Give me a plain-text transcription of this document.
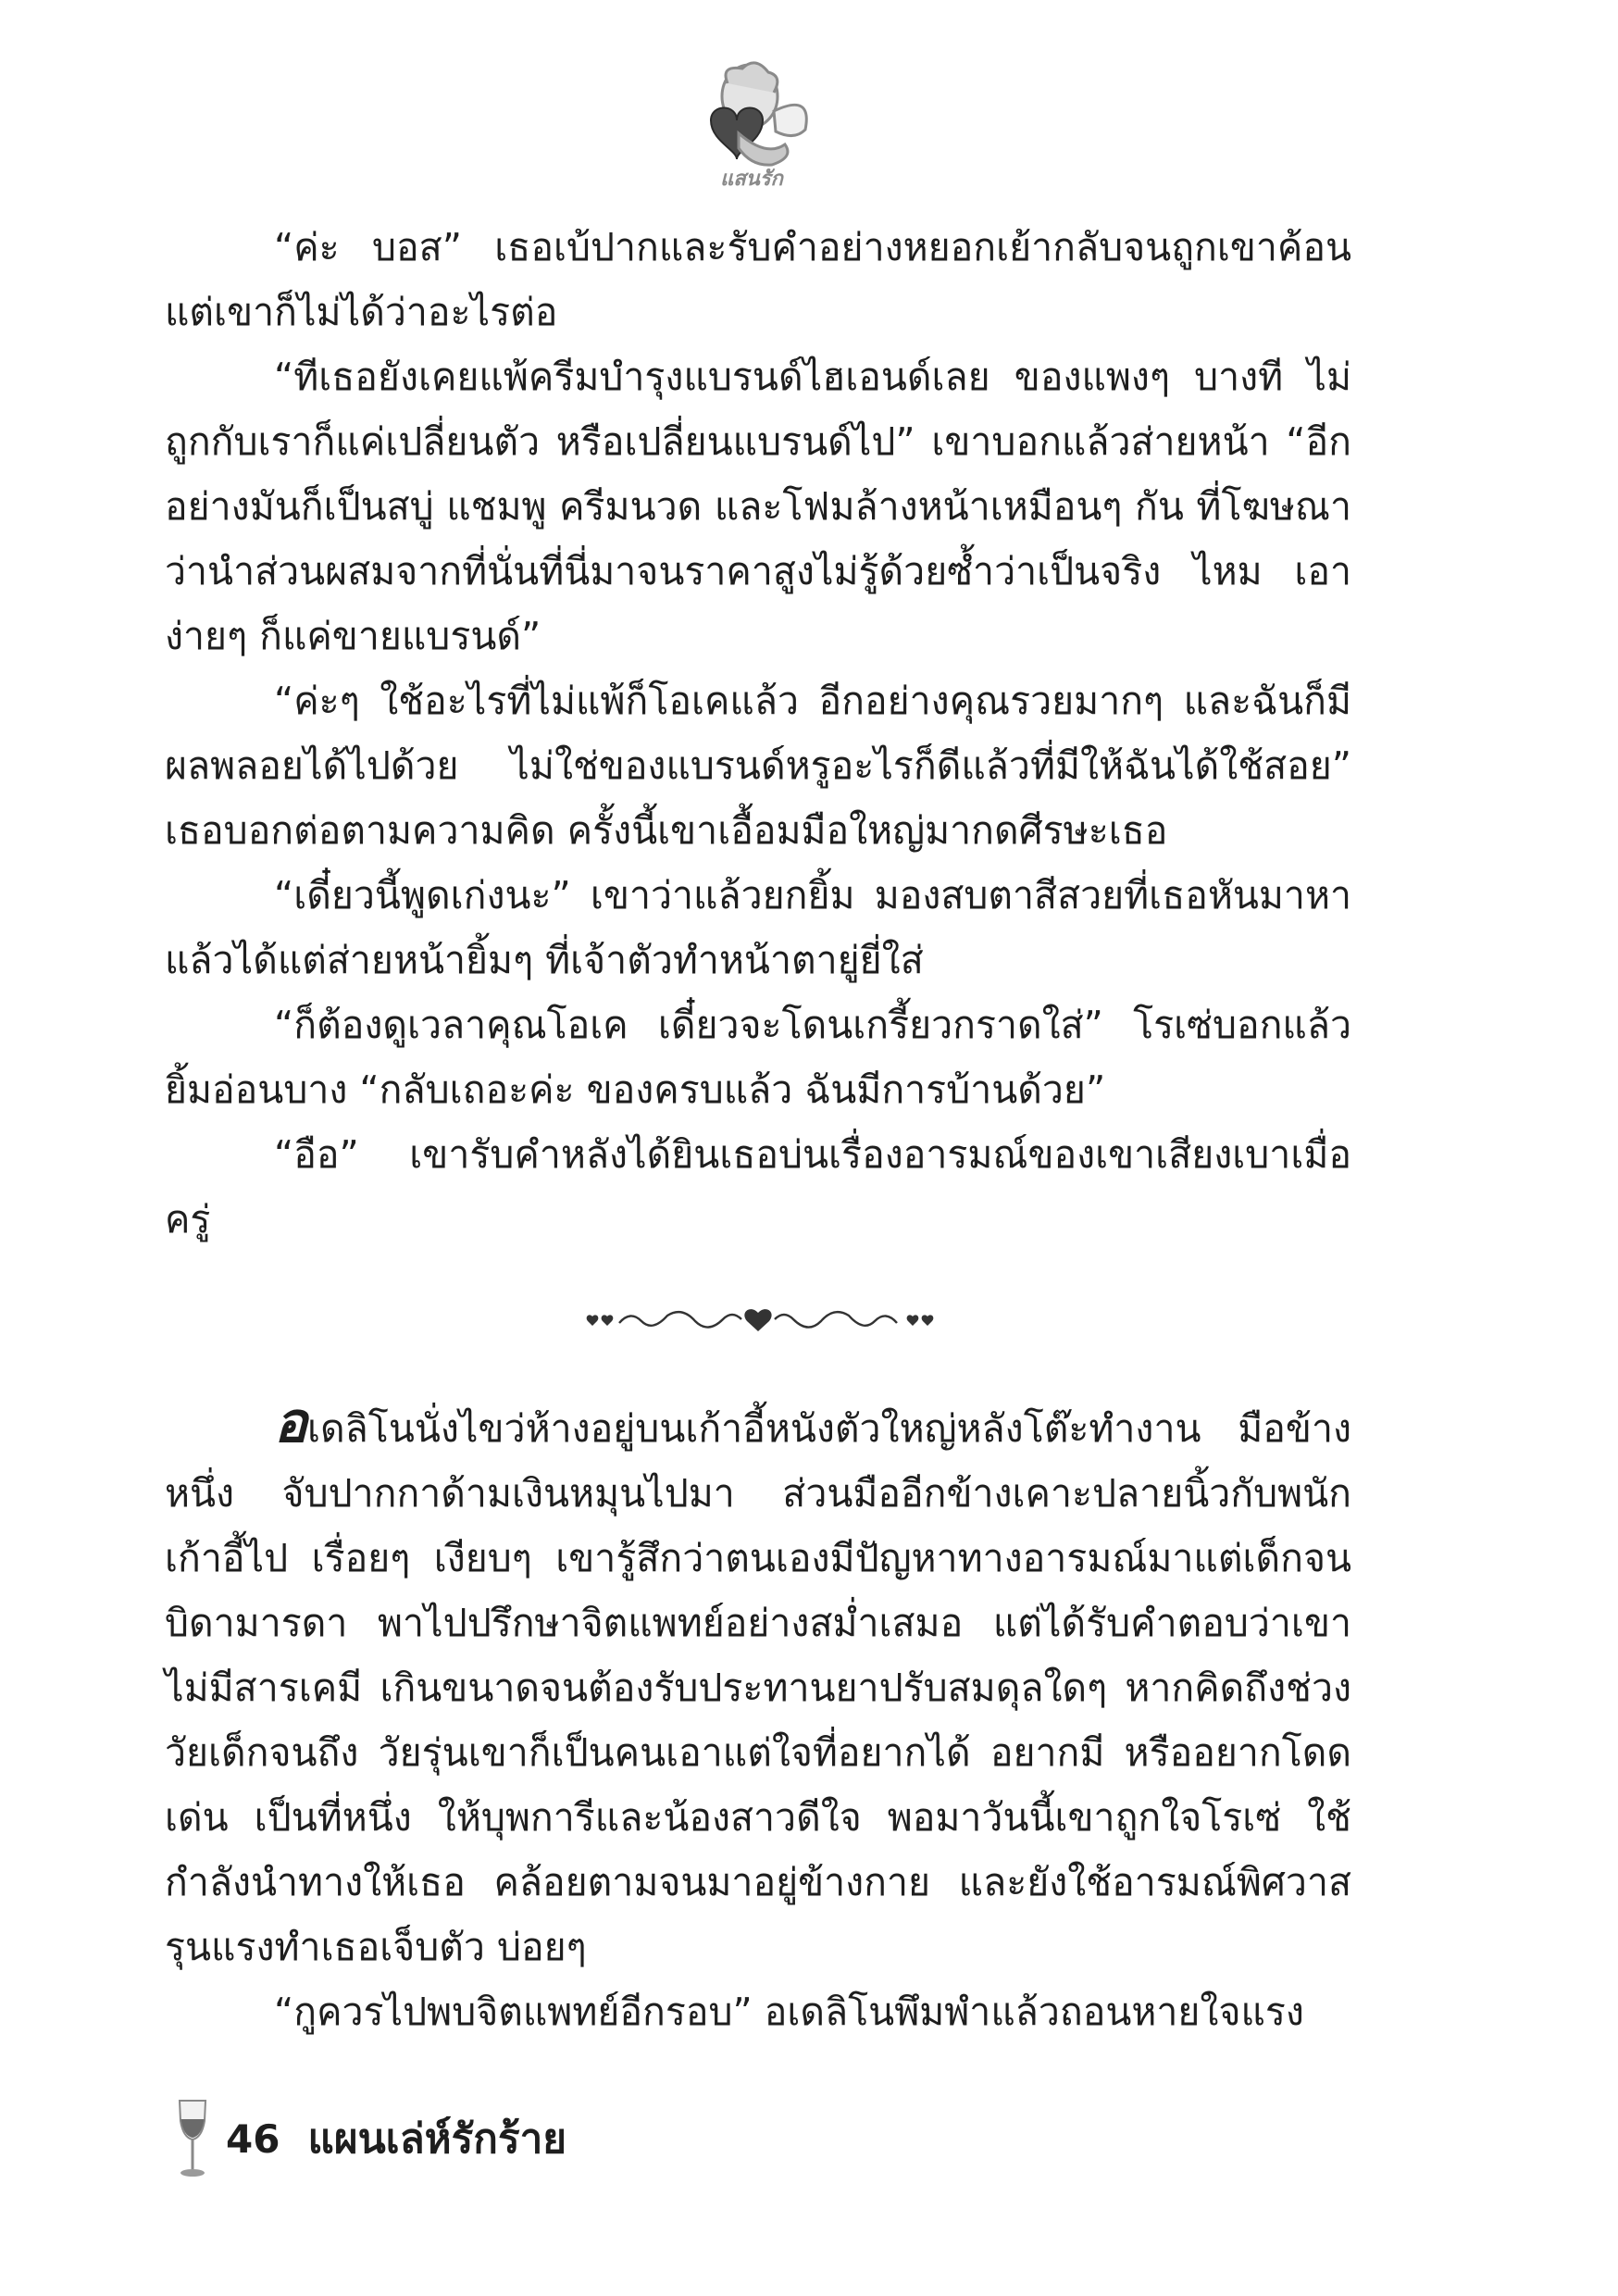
แสนรัก

“ค่ะ บอส” เธอเบ้ปากและรับคำอย่างหยอกเย้ากลับจนถูกเขาค้อน แต่เขาก็ไม่ได้ว่าอะไรต่อ

“ทีเธอยังเคยแพ้ครีมบำรุงแบรนด์ไฮเอนด์เลย ของแพงๆ บางที ไม่ถูกกับเราก็แค่เปลี่ยนตัว หรือเปลี่ยนแบรนด์ไป” เขาบอกแล้วส่ายหน้า “อีกอย่างมันก็เป็นสบู่ แชมพู ครีมนวด และโฟมล้างหน้าเหมือนๆ กัน ที่โฆษณาว่านำส่วนผสมจากที่นั่นที่นี่มาจนราคาสูงไม่รู้ด้วยซ้ำว่าเป็นจริง ไหม เอาง่ายๆ ก็แค่ขายแบรนด์”

“ค่ะๆ ใช้อะไรที่ไม่แพ้ก็โอเคแล้ว อีกอย่างคุณรวยมากๆ และฉันก็มี ผลพลอยได้ไปด้วย ไม่ใช่ของแบรนด์หรูอะไรก็ดีแล้วที่มีให้ฉันได้ใช้สอย” เธอบอกต่อตามความคิด ครั้งนี้เขาเอื้อมมือใหญ่มากดศีรษะเธอ

“เดี๋ยวนี้พูดเก่งนะ” เขาว่าแล้วยกยิ้ม มองสบตาสีสวยที่เธอหันมาหา แล้วได้แต่ส่ายหน้ายิ้มๆ ที่เจ้าตัวทำหน้าตายู่ยี่ใส่

“ก็ต้องดูเวลาคุณโอเค เดี๋ยวจะโดนเกรี้ยวกราดใส่” โรเซ่บอกแล้ว ยิ้มอ่อนบาง “กลับเถอะค่ะ ของครบแล้ว ฉันมีการบ้านด้วย”

“อือ” เขารับคำหลังได้ยินเธอบ่นเรื่องอารมณ์ของเขาเสียงเบาเมื่อครู่

อเดลิโนนั่งไขว่ห้างอยู่บนเก้าอี้หนังตัวใหญ่หลังโต๊ะทำงาน มือข้างหนึ่ง จับปากกาด้ามเงินหมุนไปมา ส่วนมืออีกข้างเคาะปลายนิ้วกับพนักเก้าอี้ไป เรื่อยๆ เงียบๆ เขารู้สึกว่าตนเองมีปัญหาทางอารมณ์มาแต่เด็กจนบิดามารดา พาไปปรึกษาจิตแพทย์อย่างสม่ำเสมอ แต่ได้รับคำตอบว่าเขาไม่มีสารเคมี เกินขนาดจนต้องรับประทานยาปรับสมดุลใดๆ หากคิดถึงช่วงวัยเด็กจนถึง วัยรุ่นเขาก็เป็นคนเอาแต่ใจที่อยากได้ อยากมี หรืออยากโดดเด่น เป็นที่หนึ่ง ให้บุพการีและน้องสาวดีใจ พอมาวันนี้เขาถูกใจโรเซ่ ใช้กำลังนำทางให้เธอ คล้อยตามจนมาอยู่ข้างกาย และยังใช้อารมณ์พิศวาสรุนแรงทำเธอเจ็บตัว บ่อยๆ

“กูควรไปพบจิตแพทย์อีกรอบ” อเดลิโนพึมพำแล้วถอนหายใจแรง

46 แผนเล่ห์รักร้าย
